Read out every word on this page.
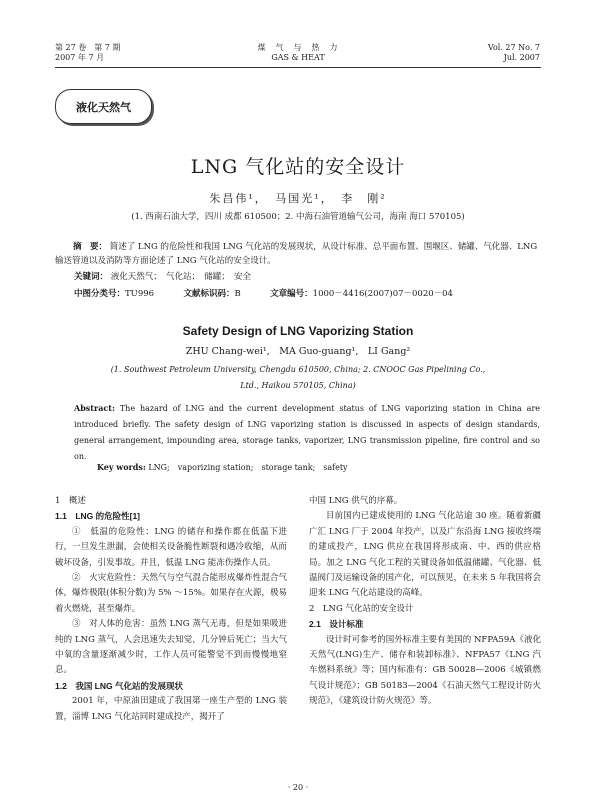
第 27 卷　第 7 期
2007 年 7 月
煤　气　与　热　力
GAS & HEAT
Vol. 27 No. 7
Jul. 2007
液化天然气
LNG 气化站的安全设计
朱昌伟¹，　马国光¹，　李　刚²
(1. 西南石油大学，四川 成都 610500；2. 中海石油管道输气公司，海南 海口 570105)
摘　要： 简述了 LNG 的危险性和我国 LNG 气化站的发展现状，从设计标准、总平面布置、围堰区、储罐、气化器、LNG 输送管道以及消防等方面论述了 LNG 气化站的安全设计。
关键词： 液化天然气；　气化站；　储罐；　安全
中图分类号：TU996	文献标识码：B	文章编号：1000－4416(2007)07－0020－04
Safety Design of LNG Vaporizing Station
ZHU Chang-wei¹,　MA Guo-guang¹,　LI Gang²
(1. Southwest Petroleum University, Chengdu 610500, China; 2. CNOOC Gas Pipelining Co.,
Ltd., Haikou 570105, China)
Abstract: The hazard of LNG and the current development status of LNG vaporizing station in China are introduced briefly. The safety design of LNG vaporizing station is discussed in aspects of design standards, general arrangement, impounding area, storage tanks, vaporizer, LNG transmission pipeline, fire control and so on.
Key words: LNG;　vaporizing station;　storage tank;　safety

1　概述

1.1　LNG 的危险性[1]

①　低温的危险性：LNG 的储存和操作都在低温下进行，一旦发生泄漏，会使相关设备脆性断裂和遇冷收缩，从而破坏设备，引发事故。并且，低温 LNG 能冻伤操作人员。

②　火灾危险性：天然气与空气混合能形成爆炸性混合气体，爆炸极限(体积分数)为 5% ～15%。如果存在火源，极易着火燃烧，甚至爆炸。

③　对人体的危害：虽然 LNG 蒸气无毒，但是如果吸进纯的 LNG 蒸气，人会迅速失去知觉，几分钟后死亡；当大气中氧的含量逐渐减少时，工作人员可能警觉不到而慢慢地窒息。

1.2　我国 LNG 气化站的发展现状

2001 年，中原油田建成了我国第一座生产型的 LNG 装置，淄博 LNG 气化站同时建成投产，揭开了

中国 LNG 供气的序幕。

目前国内已建成使用的 LNG 气化站逾 30 座。随着新疆广汇 LNG 厂于 2004 年投产，以及广东沿海 LNG 接收终端的建成投产，LNG 供应在我国将形成南、中、西的供应格局。加之 LNG 气化工程的关键设备如低温储罐、气化器、低温阀门及运输设备的国产化，可以预见，在未来 5 年我国将会迎来 LNG 气化站建设的高峰。

2　LNG 气化站的安全设计

2.1　设计标准

设计时可参考的国外标准主要有美国的 NFPA59A《液化天然气(LNG)生产、储存和装卸标准》、NFPA57《LNG 汽车燃料系统》等；国内标准有：GB 50028—2006《城镇燃气设计规范》；GB 50183—2004《石油天然气工程设计防火规范》，《建筑设计防火规范》等。

· 20 ·
